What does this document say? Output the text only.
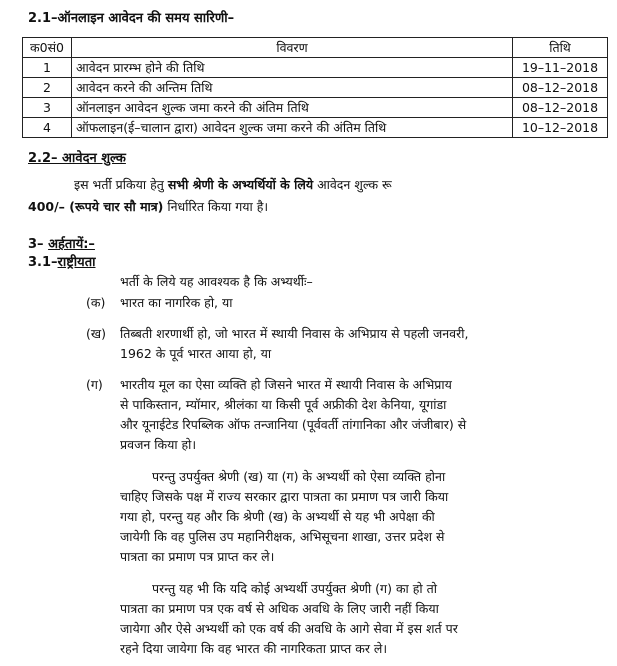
2.1–ऑनलाइन आवेदन की समय सारिणी–
क0सं0	विवरण	तिथि
1	आवेदन प्रारम्भ होने की तिथि	19–11–2018
2	आवेदन करने की अन्तिम तिथि	08–12–2018
3	ऑनलाइन आवेदन शुल्क जमा करने की अंतिम तिथि	08–12–2018
4	ऑफलाइन(ई–चालान द्वारा) आवेदन शुल्क जमा करने की अंतिम तिथि	10–12–2018
2.2– आवेदन शुल्क
इस भर्ती प्रकिया हेतु सभी श्रेणी के अभ्यर्थियों के लिये आवेदन शुल्क रू
400/– (रूपये चार सौ मात्र) निर्धारित किया गया है।
3– अर्हतायें:–
3.1–राष्ट्रीयता
भर्ती के लिये यह आवश्यक है कि अभ्यर्थीः–
(क) भारत का नागरिक हो, या
(ख) तिब्बती शरणार्थी हो, जो भारत में स्थायी निवास के अभिप्राय से पहली जनवरी,
1962 के पूर्व भारत आया हो, या
(ग) भारतीय मूल का ऐसा व्यक्ति हो जिसने भारत में स्थायी निवास के अभिप्राय
से पाकिस्तान, म्यॉमार, श्रीलंका या किसी पूर्व अफ्रीकी देश केनिया, यूगांडा
और यूनाईटेड रिपब्लिक ऑफ तन्जानिया (पूर्ववर्ती तांगानिका और जंजीबार) से
प्रवजन किया हो।
परन्तु उपर्युक्त श्रेणी (ख) या (ग) के अभ्यर्थी को ऐसा व्यक्ति होना
चाहिए जिसके पक्ष में राज्य सरकार द्वारा पात्रता का प्रमाण पत्र जारी किया
गया हो, परन्तु यह और कि श्रेणी (ख) के अभ्यर्थी से यह भी अपेक्षा की
जायेगी कि वह पुलिस उप महानिरीक्षक, अभिसूचना शाखा, उत्तर प्रदेश से
पात्रता का प्रमाण पत्र प्राप्त कर ले।
परन्तु यह भी कि यदि कोई अभ्यर्थी उपर्युक्त श्रेणी (ग) का हो तो
पात्रता का प्रमाण पत्र एक वर्ष से अधिक अवधि के लिए जारी नहीं किया
जायेगा और ऐसे अभ्यर्थी को एक वर्ष की अवधि के आगे सेवा में इस शर्त पर
रहने दिया जायेगा कि वह भारत की नागरिकता प्राप्त कर ले।
